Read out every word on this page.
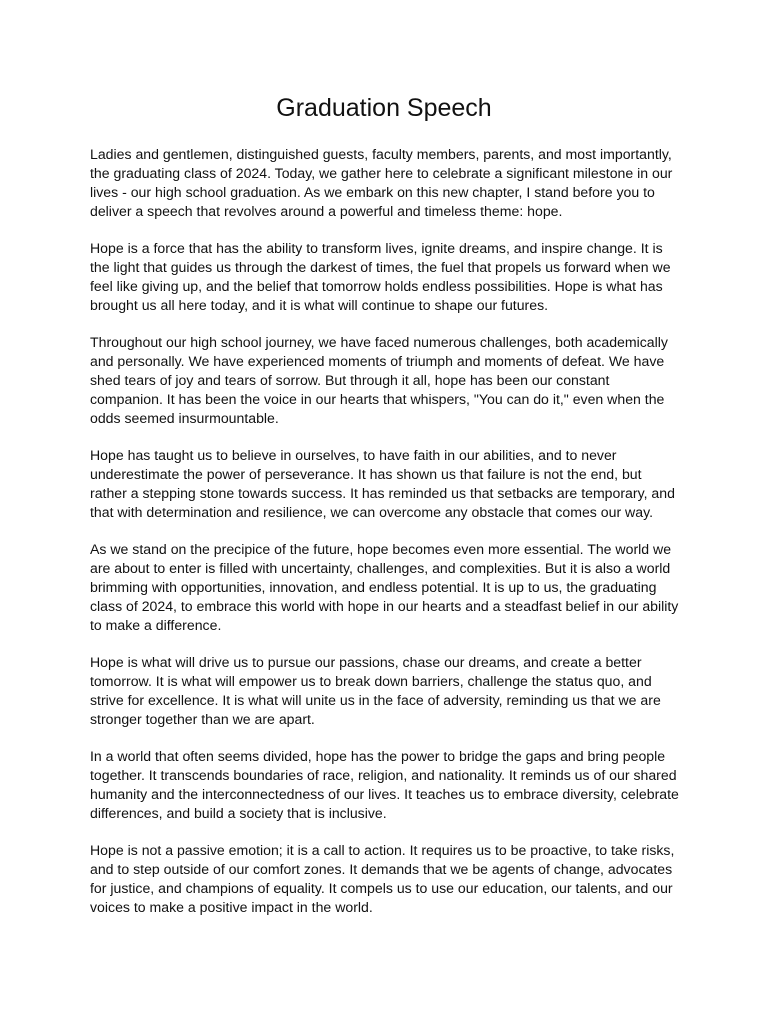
Graduation Speech

Ladies and gentlemen, distinguished guests, faculty members, parents, and most importantly, the graduating class of 2024. Today, we gather here to celebrate a significant milestone in our lives - our high school graduation. As we embark on this new chapter, I stand before you to deliver a speech that revolves around a powerful and timeless theme: hope.

Hope is a force that has the ability to transform lives, ignite dreams, and inspire change. It is the light that guides us through the darkest of times, the fuel that propels us forward when we feel like giving up, and the belief that tomorrow holds endless possibilities. Hope is what has brought us all here today, and it is what will continue to shape our futures.

Throughout our high school journey, we have faced numerous challenges, both academically and personally. We have experienced moments of triumph and moments of defeat. We have shed tears of joy and tears of sorrow. But through it all, hope has been our constant companion. It has been the voice in our hearts that whispers, "You can do it," even when the odds seemed insurmountable.

Hope has taught us to believe in ourselves, to have faith in our abilities, and to never underestimate the power of perseverance. It has shown us that failure is not the end, but rather a stepping stone towards success. It has reminded us that setbacks are temporary, and that with determination and resilience, we can overcome any obstacle that comes our way.

As we stand on the precipice of the future, hope becomes even more essential. The world we are about to enter is filled with uncertainty, challenges, and complexities. But it is also a world brimming with opportunities, innovation, and endless potential. It is up to us, the graduating class of 2024, to embrace this world with hope in our hearts and a steadfast belief in our ability to make a difference.

Hope is what will drive us to pursue our passions, chase our dreams, and create a better tomorrow. It is what will empower us to break down barriers, challenge the status quo, and strive for excellence. It is what will unite us in the face of adversity, reminding us that we are stronger together than we are apart.

In a world that often seems divided, hope has the power to bridge the gaps and bring people together. It transcends boundaries of race, religion, and nationality. It reminds us of our shared humanity and the interconnectedness of our lives. It teaches us to embrace diversity, celebrate differences, and build a society that is inclusive.

Hope is not a passive emotion; it is a call to action. It requires us to be proactive, to take risks, and to step outside of our comfort zones. It demands that we be agents of change, advocates for justice, and champions of equality. It compels us to use our education, our talents, and our voices to make a positive impact in the world.
